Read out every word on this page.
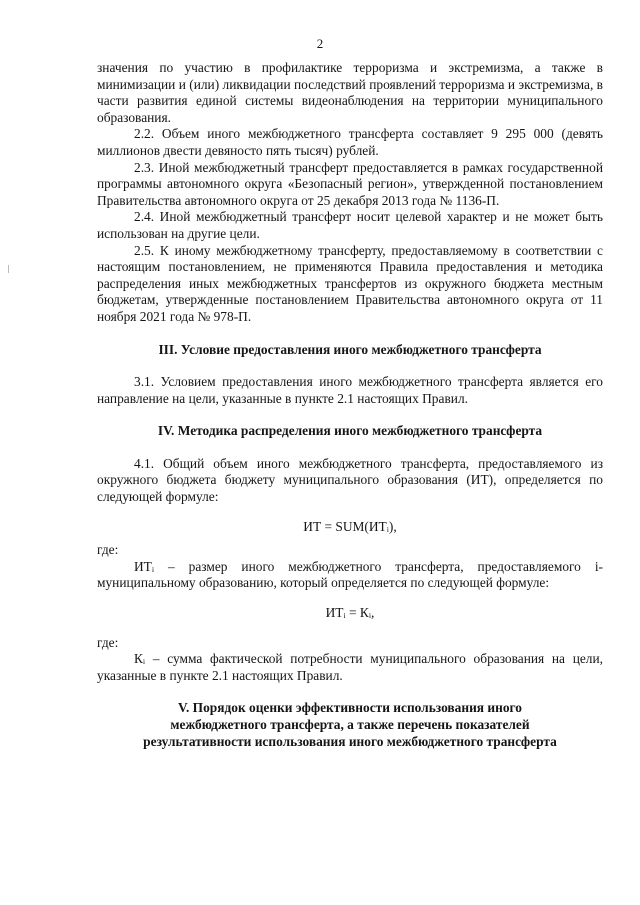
2

значения по участию в профилактике терроризма и экстремизма, а также в минимизации и (или) ликвидации последствий проявлений терроризма и экстремизма, в части развития единой системы видеонаблюдения на территории муниципального образования.

2.2. Объем иного межбюджетного трансферта составляет 9 295 000 (девять миллионов двести девяносто пять тысяч) рублей.

2.3. Иной межбюджетный трансферт предоставляется в рамках государственной программы автономного округа «Безопасный регион», утвержденной постановлением Правительства автономного округа от 25 декабря 2013 года № 1136-П.

2.4. Иной межбюджетный трансферт носит целевой характер и не может быть использован на другие цели.

2.5. К иному межбюджетному трансферту, предоставляемому в соответствии с настоящим постановлением, не применяются Правила предоставления и методика распределения иных межбюджетных трансфертов из окружного бюджета местным бюджетам, утвержденные постановлением Правительства автономного округа от 11 ноября 2021 года № 978-П.

III. Условие предоставления иного межбюджетного трансферта

3.1. Условием предоставления иного межбюджетного трансферта является его направление на цели, указанные в пункте 2.1 настоящих Правил.

IV. Методика распределения иного межбюджетного трансферта

4.1. Общий объем иного межбюджетного трансферта, предоставляемого из окружного бюджета бюджету муниципального образования (ИТ), определяется по следующей формуле:

ИТ = SUM(ИТᵢ),

где:

ИТᵢ – размер иного межбюджетного трансферта, предоставляемого i-муниципальному образованию, который определяется по следующей формуле:

ИТᵢ = Кᵢ,

где:

Кᵢ – сумма фактической потребности муниципального образования на цели, указанные в пункте 2.1 настоящих Правил.

V. Порядок оценки эффективности использования иного

межбюджетного трансферта, а также перечень показателей

результативности использования иного межбюджетного трансферта
